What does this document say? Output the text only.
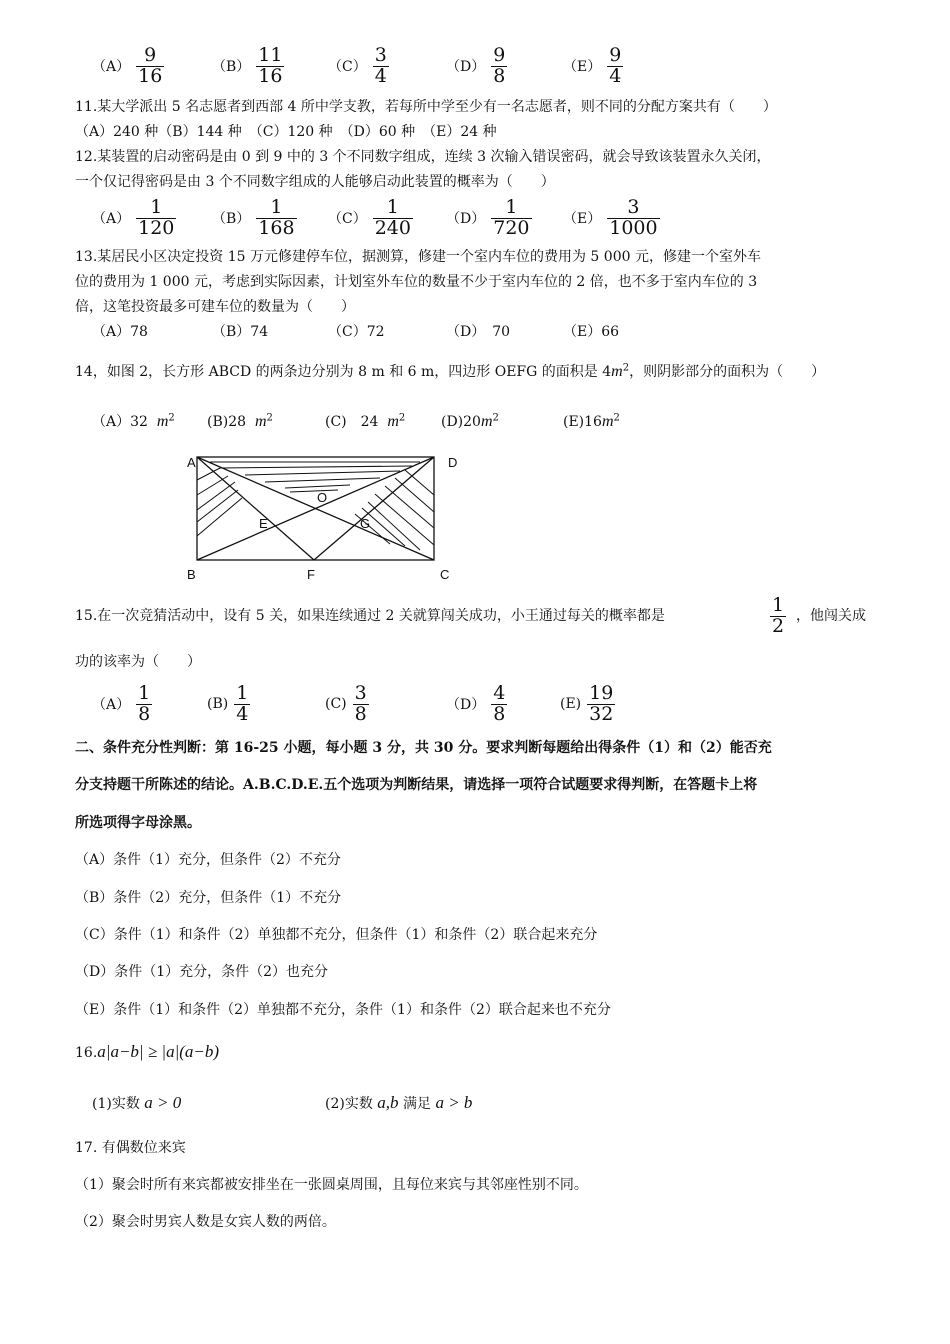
$(A) \frac{9}{16}$	$(B) \frac{11}{16}$	$(C) \frac{3}{4}$	$(D) \frac{9}{8}$	$(E) \frac{9}{4}$
11.某大学派出 5 名志愿者到西部 4 所中学支教，若每所中学至少有一名志愿者，则不同的分配方案共有（　　）
（A）240 种（B）144 种　（C）120 种　（D）60 种　（E）24 种
12.某装置的启动密码是由 0 到 9 中的 3 个不同数字组成，连续 3 次输入错误密码，就会导致该装置永久关闭，
一个仅记得密码是由 3 个不同数字组成的人能够启动此装置的概率为（　　）
$(A) \frac{1}{120}$	$(B) \frac{1}{168} (C) \frac{1}{240} (D) \frac{1}{720} (E) \frac{3}{1000}$
13.某居民小区决定投资 15 万元修建停车位，据测算，修建一个室内车位的费用为 5 000 元，修建一个室外车
位的费用为 1 000 元，考虑到实际因素，计划室外车位的数量不少于室内车位的 2 倍，也不多于室内车位的 3
倍，这笔投资最多可建车位的数量为（　　）
（A）78	（B）74	（C）72	（D）　70	（E）66
14，如图 2，长方形 ABCD 的两条边分别为 8 m 和 6 m，四边形 OEFG 的面积是 $4m^2$，则阴影部分的面积为（　　）
（A）32 $m^2$ (B)28 $m^2$	(C)　24 $m^2$	$(D)20m^2$	$(E)16m^2$
A	D
B	F	C
O
E	G
15.在一次竞猜活动中，设有 5 关，如果连续通过 2 关就算闯关成功，小王通过每关的概率都是	$\frac{1}{2}$ ，他闯关成
功的该率为（　　）
$(A) \frac{1}{8}$	$(B) \frac{1}{4}$	$(C) \frac{3}{8}$	$(D) \frac{4}{8}$	$(E) \frac{19}{32}$
二、条件充分性判断：第 16-25 小题，每小题 3 分，共 30 分。要求判断每题给出得条件（1）和（2）能否充
分支持题干所陈述的结论。A.B.C.D.E.五个选项为判断结果，请选择一项符合试题要求得判断，在答题卡上将
所选项得字母涂黑。
（A）条件（1）充分，但条件（2）不充分
（B）条件（2）充分，但条件（1）不充分
（C）条件（1）和条件（2）单独都不充分，但条件（1）和条件（2）联合起来充分
（D）条件（1）充分，条件（2）也充分
（E）条件（1）和条件（2）单独都不充分，条件（1）和条件（2）联合起来也不充分
16.a|a−b| ≥ |a|(a−b)
(1)实数 a > 0	(2)实数 a,b 满足 a > b
17. 有偶数位来宾
（1）聚会时所有来宾都被安排坐在一张圆桌周围，且每位来宾与其邻座性别不同。
（2）聚会时男宾人数是女宾人数的两倍。
